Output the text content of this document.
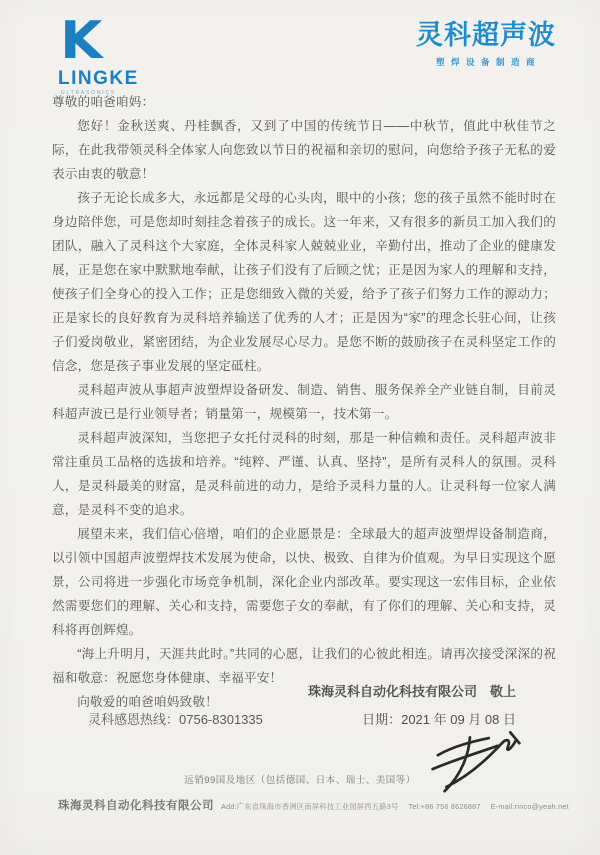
K
LINGKE
ULTRASONICS
灵科超声波
塑焊设备制造商

尊敬的咱爸咱妈：

您好！金秋送爽、丹桂飘香，又到了中国的传统节日——中秋节，值此中秋佳节之际，在此我带领灵科全体家人向您致以节日的祝福和亲切的慰问，向您给予孩子无私的爱表示由衷的敬意！

孩子无论长成多大，永远都是父母的心头肉，眼中的小孩；您的孩子虽然不能时时在身边陪伴您，可是您却时刻挂念着孩子的成长。这一年来，又有很多的新员工加入我们的团队，融入了灵科这个大家庭，全体灵科家人兢兢业业，辛勤付出，推动了企业的健康发展，正是您在家中默默地奉献，让孩子们没有了后顾之忧；正是因为家人的理解和支持，使孩子们全身心的投入工作；正是您细致入微的关爱，给予了孩子们努力工作的源动力；正是家长的良好教育为灵科培养输送了优秀的人才；正是因为“家”的理念长驻心间，让孩子们爱岗敬业，紧密团结，为企业发展尽心尽力。是您不断的鼓励孩子在灵科坚定工作的信念，您是孩子事业发展的坚定砥柱。

灵科超声波从事超声波塑焊设备研发、制造、销售、服务保养全产业链自制，目前灵科超声波已是行业领导者；销量第一，规模第一，技术第一。

灵科超声波深知，当您把子女托付灵科的时刻，那是一种信赖和责任。灵科超声波非常注重员工品格的选拔和培养。“纯粹、严谨、认真、坚持”，是所有灵科人的氛围。灵科人，是灵科最美的财富，是灵科前进的动力，是给予灵科力量的人。让灵科每一位家人满意，是灵科不变的追求。

展望未来，我们信心倍增，咱们的企业愿景是：全球最大的超声波塑焊设备制造商，以引领中国超声波塑焊技术发展为使命，以快、极致、自律为价值观。为早日实现这个愿景，公司将进一步强化市场竞争机制，深化企业内部改革。要实现这一宏伟目标，企业依然需要您们的理解、关心和支持，需要您子女的奉献，有了你们的理解、关心和支持，灵科将再创辉煌。

“海上升明月，天涯共此时。”共同的心愿，让我们的心彼此相连。请再次接受深深的祝福和敬意：祝愿您身体健康、幸福平安！

向敬爱的咱爸咱妈致敬！

珠海灵科自动化科技有限公司　敬上
灵科感恩热线：0756-8301335	日期：2021 年 09 月 08 日
远销99国及地区（包括德国、日本、瑞士、美国等）
珠海灵科自动化科技有限公司 Add:广东省珠海市香洲区南屏科技工业园屏西五路3号 Tel:+86 756 8626887 E-mail:rinco@yeah.net
